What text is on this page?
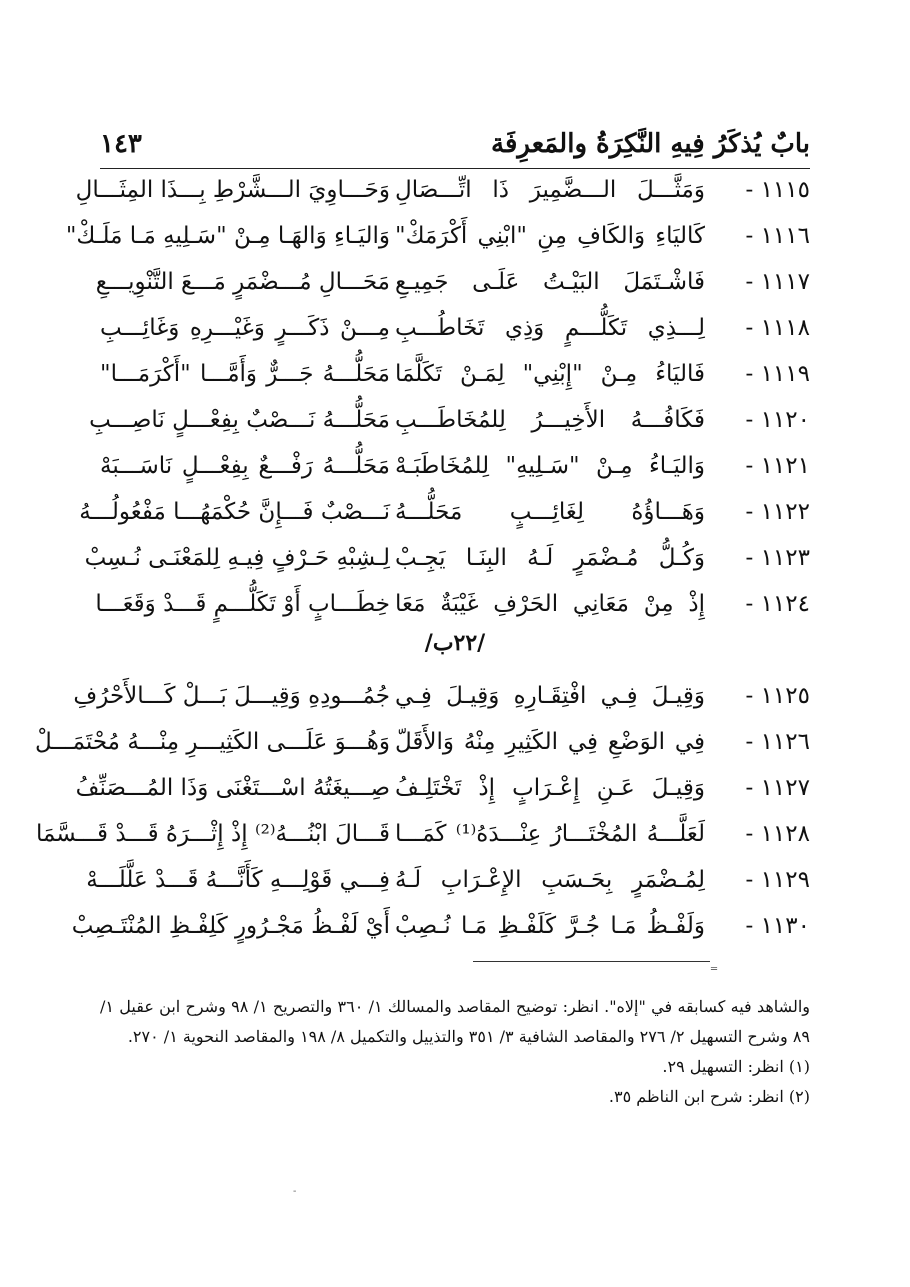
١٤٣	بابٌ يُذكَرُ فِيهِ النَّكِرَةُ والمَعرِفَة
١١١٥ -
وَمَثَّـــلَ الـــضَّمِيرَ ذَا اتِّـــصَالِ
وَحَـــاوِيَ الـــشَّرْطِ بِـــذَا المِثَـــالِ
١١١٦ -
كَاليَاءِ وَالكَافِ مِنِ "ابْنِي أَكْرَمَكْ"
وَاليَـاءِ وَالهَـا مِـنْ "سَـلِيهِ مَـا مَلَـكْ"
١١١٧ -
فَاشْـتَمَلَ البَيْـتُ عَلَـى جَمِيـعِ
مَحَـــالِ مُـــضْمَرٍ مَـــعَ التَّنْوِيـــعِ
١١١٨ -
لِـــذِي تَكَلُّـــمٍ وَذِي تَخَاطُـــبِ
مِـــنْ ذَكَـــرٍ وَغَيْـــرِهِ وَغَائِـــبِ
١١١٩ -
فَاليَاءُ مِـنْ "إِبْنِي" لِمَـنْ تَكَلَّمَا
مَحَلُّـــهُ جَـــرٌّ وَأَمَّـــا "أَكْرَمَـــا"
١١٢٠ -
فَكَافُـــهُ الأَخِيـــرُ لِلمُخَاطَـــبِ
مَحَلُّـــهُ نَـــصْبٌ بِفِعْـــلٍ نَاصِـــبِ
١١٢١ -
وَاليَـاءُ مِـنْ "سَـلِيهِ" لِلمُخَاطَبَـهْ
مَحَلُّـــهُ رَفْـــعٌ بِفِعْـــلٍ نَاسَـــبَهْ
١١٢٢ -
وَهَـــاؤُهُ لِغَائِـــبٍ مَحَلُّـــهُ
نَـــصْبٌ فَـــإِنَّ حُكْمَهُـــا مَفْعُولُـــهُ
١١٢٣ -
وَكُـلُّ مُـضْمَرٍ لَـهُ البِنَـا يَجِـبْ
لِـشِبْهِ حَـرْفٍ فِيـهِ لِلمَعْنَـى نُـسِبْ
١١٢٤ -
إِذْ مِنْ مَعَانِي الحَرْفِ غَيْبَةٌ مَعَا
خِطَـــابٍ أَوْ تَكَلُّـــمٍ قَـــدْ وَقَعَـــا
١١٢٥ -
وَقِيـلَ فِـي افْتِقَـارِهِ وَقِيـلَ فِـي
جُمُـــودِهِ وَقِيـــلَ بَـــلْ كَـــالأَحْرُفِ
١١٢٦ -
فِي الوَضْعِ فِي الكَثِيرِ مِنْهُ وَالأَقَلّ
وَهُـــوَ عَلَـــى الكَثِيـــرِ مِنْـــهُ مُحْتَمَـــلْ
١١٢٧ -
وَقِيـلَ عَـنِ إِعْـرَابٍ إِذْ تَخْتَلِـفُ
صِـــيغَتُهُ اسْـــتَغْنَى وَذَا المُـــصَنِّفُ
١١٢٨ -
لَعَلَّـــهُ المُخْتَـــارُ عِنْـــدَهُ⁽¹⁾ كَمَـــا
قَـــالَ ابْنُـــهُ⁽²⁾ إِذْ إِثْـــرَهُ قَـــدْ قَـــسَّمَا
١١٢٩ -
لِمُـضْمَرٍ بِحَـسَبِ الإِعْـرَابِ لَـهُ
فِـــي قَوْلِـــهِ كَأَنَّـــهُ قَـــدْ عَلَّلَـــهْ
١١٣٠ -
وَلَفْـظُ مَـا جُـرَّ كَلَفْـظِ مَـا نُـصِبْ
أَيْ لَفْـظُ مَجْـرُورٍ كَلِفْـظِ المُنْتَـصِبْ
/٢٢ب/
═

والشاهد فيه كسابقه في "إلاه". انظر: توضيح المقاصد والمسالك ١/ ٣٦٠ والتصريح ١/ ٩٨ وشرح ابن عقيل ١/ ٨٩ وشرح التسهيل ٢/ ٢٧٦ والمقاصد الشافية ٣/ ٣٥١ والتذييل والتكميل ٨/ ١٩٨ والمقاصد النحوية ١/ ٢٧٠.

(١) انظر: التسهيل ٢٩.

(٢) انظر: شرح ابن الناظم ٣٥.

-
